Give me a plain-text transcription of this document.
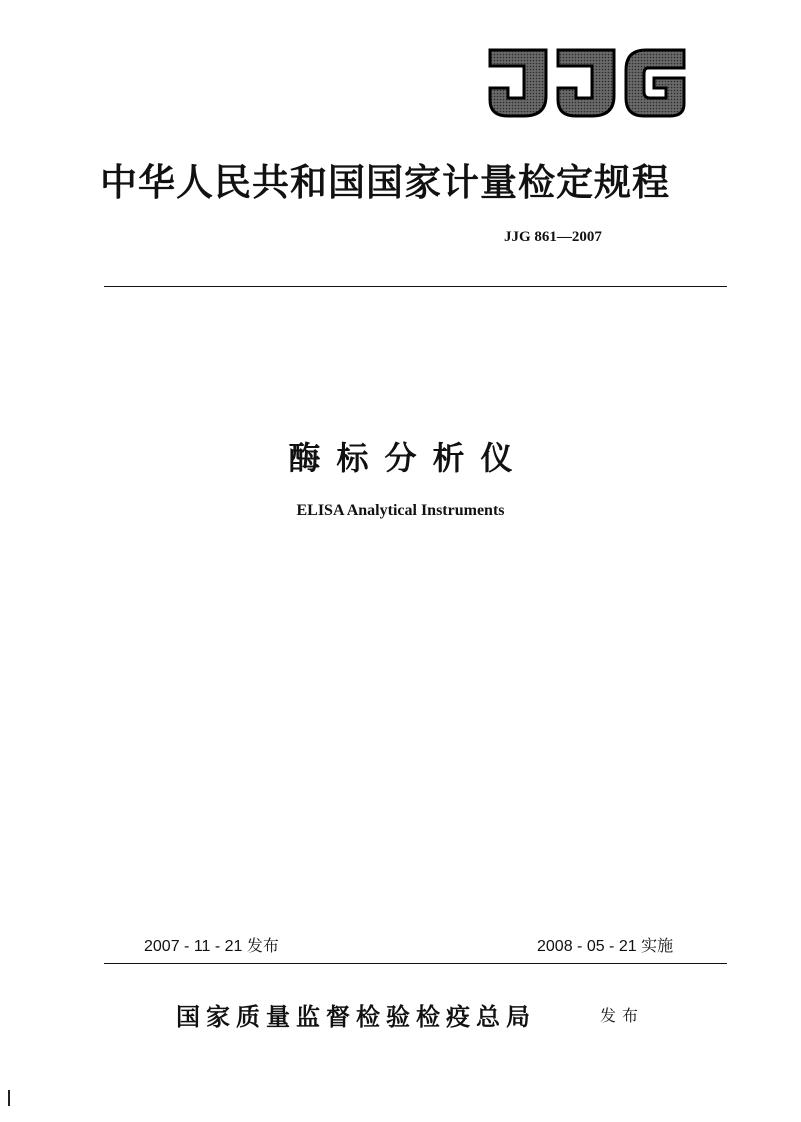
中华人民共和国国家计量检定规程
JJG 861—2007
酶标分析仪
ELISA Analytical Instruments
2007 - 11 - 21 发布	2008 - 05 - 21 实施
国家质量监督检验检疫总局	发布
